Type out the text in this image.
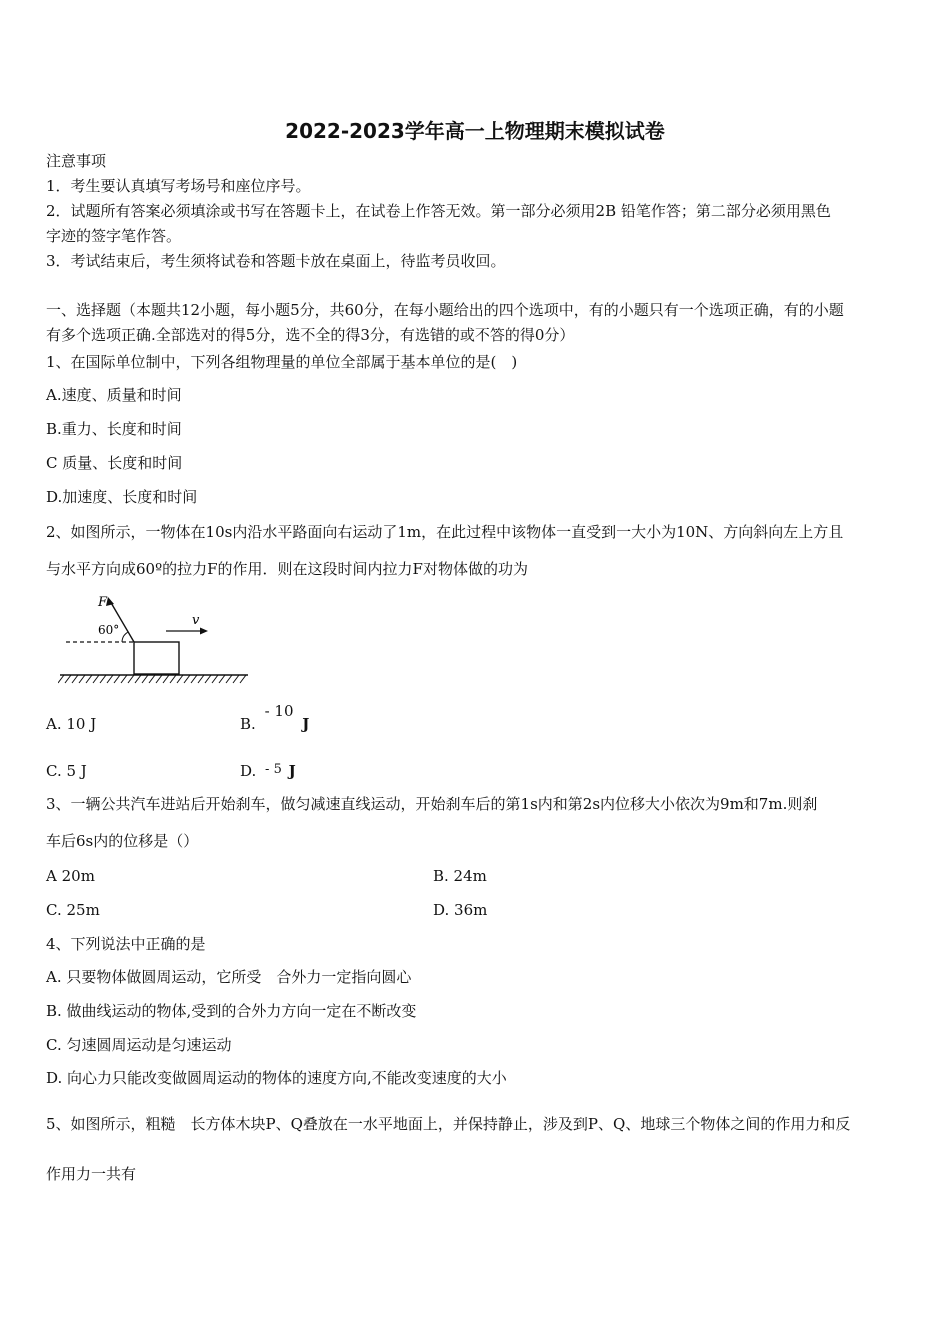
2022-2023学年高一上物理期末模拟试卷
注意事项
1．考生要认真填写考场号和座位序号。
2．试题所有答案必须填涂或书写在答题卡上，在试卷上作答无效。第一部分必须用2B 铅笔作答；第二部分必须用黑色
字迹的签字笔作答。
3．考试结束后，考生须将试卷和答题卡放在桌面上，待监考员收回。
一、选择题（本题共12小题，每小题5分，共60分，在每小题给出的四个选项中，有的小题只有一个选项正确，有的小题
有多个选项正确.全部选对的得5分，选不全的得3分，有选错的或不答的得0分）
1、在国际单位制中，下列各组物理量的单位全部属于基本单位的是(　)
A.速度、质量和时间
B.重力、长度和时间
C 质量、长度和时间
D.加速度、长度和时间
2、如图所示，一物体在10s内沿水平路面向右运动了1m，在此过程中该物体一直受到一大小为10N、方向斜向左上方且
与水平方向成60º的拉力F的作用．则在这段时间内拉力F对物体做的功为
F
60°
v
A. 10 J	B. - 10 J
C. 5 J	D. - 5 J
3、一辆公共汽车进站后开始刹车，做匀减速直线运动，开始刹车后的第1s内和第2s内位移大小依次为9m和7m.则刹
车后6s内的位移是（）
A 20m	B. 24m
C. 25m	D. 36m
4、下列说法中正确的是
A. 只要物体做圆周运动，它所受　合外力一定指向圆心
B. 做曲线运动的物体,受到的合外力方向一定在不断改变
C. 匀速圆周运动是匀速运动
D. 向心力只能改变做圆周运动的物体的速度方向,不能改变速度的大小
5、如图所示，粗糙　长方体木块P、Q叠放在一水平地面上，并保持静止，涉及到P、Q、地球三个物体之间的作用力和反
作用力一共有
